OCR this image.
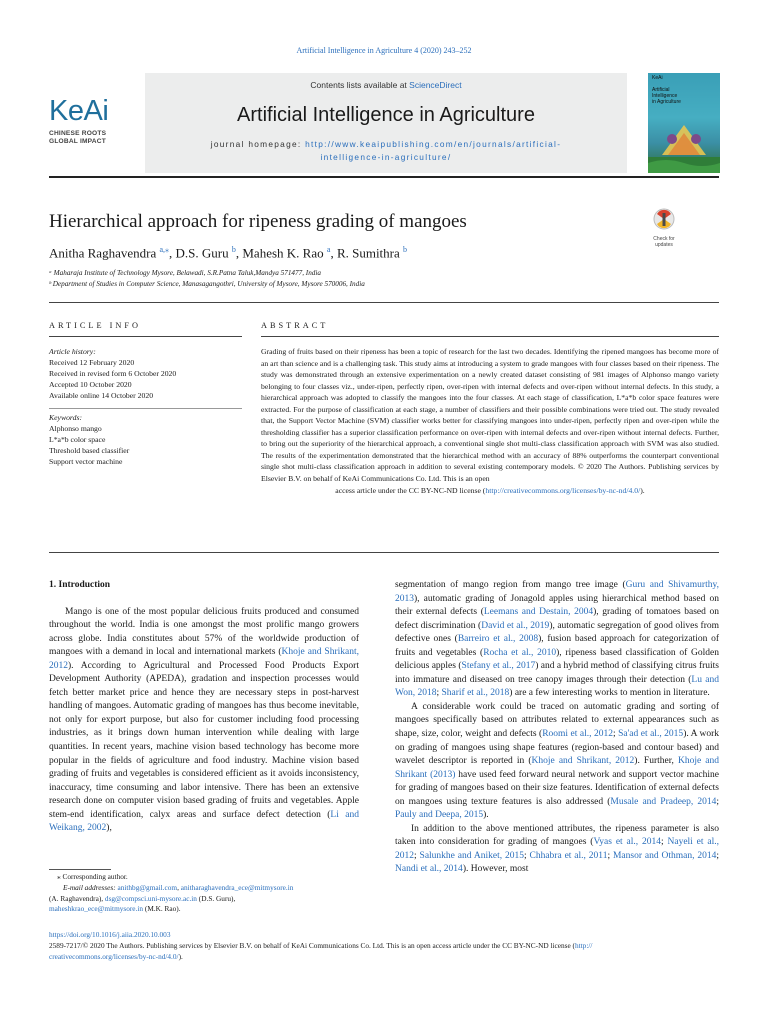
Artificial Intelligence in Agriculture 4 (2020) 243–252
KeAi
CHINESE ROOTS
GLOBAL IMPACT
Contents lists available at ScienceDirect
Artificial Intelligence in Agriculture
journal homepage: http://www.keaipublishing.com/en/journals/artificial-
intelligence-in-agriculture/
KeAi
Artificial
Intelligence
in Agriculture
Hierarchical approach for ripeness grading of mangoes
Check for
updates
Anitha Raghavendra $^{a,⁎}$, D.S. Guru $^b$, Mahesh K. Rao $^a$, R. Sumithra $^b$
ᵃ Maharaja Institute of Technology Mysore, Belawadi, S.R.Patna Taluk,Mandya 571477, India
ᵇ Department of Studies in Computer Science, Manasagangothri, University of Mysore, Mysore 570006, India
ARTICLE INFO
Article history:
Received 12 February 2020
Received in revised form 6 October 2020
Accepted 10 October 2020
Available online 14 October 2020
Keywords:
Alphonso mango
L*a*b color space
Threshold based classifier
Support vector machine
ABSTRACT
Grading of fruits based on their ripeness has been a topic of research for the last two decades. Identifying the ripened mangoes has become more of an art than science and is a challenging task. This study aims at introducing a system to grade mangoes with four classes based on their ripeness. The study was demonstrated through an extensive experimentation on a newly created dataset consisting of 981 images of Alphonso mango variety belonging to four classes viz., under-ripen, perfectly ripen, over-ripen with internal defects and over-ripen without internal defects. In this study, a hierarchical approach was adopted to classify the mangoes into the four classes. At each stage of classification, L*a*b color space features were extracted. For the purpose of classification at each stage, a number of classifiers and their possible combinations were tried out. The study revealed that, the Support Vector Machine (SVM) classifier works better for classifying mangoes into under-ripen, perfectly ripen and over-ripen while the thresholding classifier has a superior classification performance on over-ripen with internal defects and over-ripen without internal defects. Further, to bring out the superiority of the hierarchical approach, a conventional single shot multi-class classification approach with SVM was also studied. The results of the experimentation demonstrated that the hierarchical method with an accuracy of 88% outperforms the counterpart conventional single shot multi-class classification approach in addition to several existing contemporary models. © 2020 The Authors. Publishing services by Elsevier B.V. on behalf of KeAi Communications Co. Ltd. This is an open
access article under the CC BY-NC-ND license (http://creativecommons.org/licenses/by-nc-nd/4.0/).
1. Introduction

Mango is one of the most popular delicious fruits produced and consumed throughout the world. India is one amongst the most prolific mango growers across globe. India constitutes about 57% of the worldwide production of mangoes with a demand in local and international markets (Khoje and Shrikant, 2012). According to Agricultural and Processed Food Products Export Development Authority (APEDA), gradation and inspection processes would fetch better market price and hence they are necessary steps in post-harvest handling of mangoes. Automatic grading of mangoes has thus become inevitable, not only for export purpose, but also for customer including food processing industries, as it brings down human intervention while dealing with large quantities. In recent years, machine vision based technology has become more popular in the fields of agriculture and food industry. Machine vision based grading of fruits and vegetables is considered efficient as it avoids inconsistency, inaccuracy, time consuming and labor intensive. There has been an extensive research done on computer vision based grading of fruits and vegetables. Apple stem-end identification, calyx areas and surface defect detection (Li and Weikang, 2002),

segmentation of mango region from mango tree image (Guru and Shivamurthy, 2013), automatic grading of Jonagold apples using hierarchical method based on their external defects (Leemans and Destain, 2004), grading of tomatoes based on defect discrimination (David et al., 2019), automatic segregation of good olives from defective ones (Barreiro et al., 2008), fusion based approach for categorization of fruits and vegetables (Rocha et al., 2010), ripeness based classification of Golden delicious apples (Stefany et al., 2017) and a hybrid method of classifying citrus fruits into immature and diseased on tree canopy images through their detection (Lu and Won, 2018; Sharif et al., 2018) are a few interesting works to mention in literature.

A considerable work could be traced on automatic grading and sorting of mangoes specifically based on attributes related to external appearances such as shape, size, color, weight and defects (Roomi et al., 2012; Sa'ad et al., 2015). A work on grading of mangoes using shape features (region-based and contour based) and wavelet descriptor is reported in (Khoje and Shrikant, 2012). Further, Khoje and Shrikant (2013) have used feed forward neural network and support vector machine for grading of mangoes based on their size features. Identification of external defects on mangoes using texture features is also addressed (Musale and Pradeep, 2014; Pauly and Deepa, 2015).

In addition to the above mentioned attributes, the ripeness parameter is also taken into consideration for grading of mangoes (Vyas et al., 2014; Nayeli et al., 2012; Salunkhe and Aniket, 2015; Chhabra et al., 2011; Mansor and Othman, 2014; Nandi et al., 2014). However, most

⁎ Corresponding author.
E-mail addresses: anithbg@gmail.com, anitharaghavendra_ece@mitmysore.in
(A. Raghavendra), dsg@compsci.uni-mysore.ac.in (D.S. Guru),
maheshkrao_ece@mitmysore.in (M.K. Rao).
https://doi.org/10.1016/j.aiia.2020.10.003
2589-7217/© 2020 The Authors. Publishing services by Elsevier B.V. on behalf of KeAi Communications Co. Ltd. This is an open access article under the CC BY-NC-ND license (http://
creativecommons.org/licenses/by-nc-nd/4.0/).
